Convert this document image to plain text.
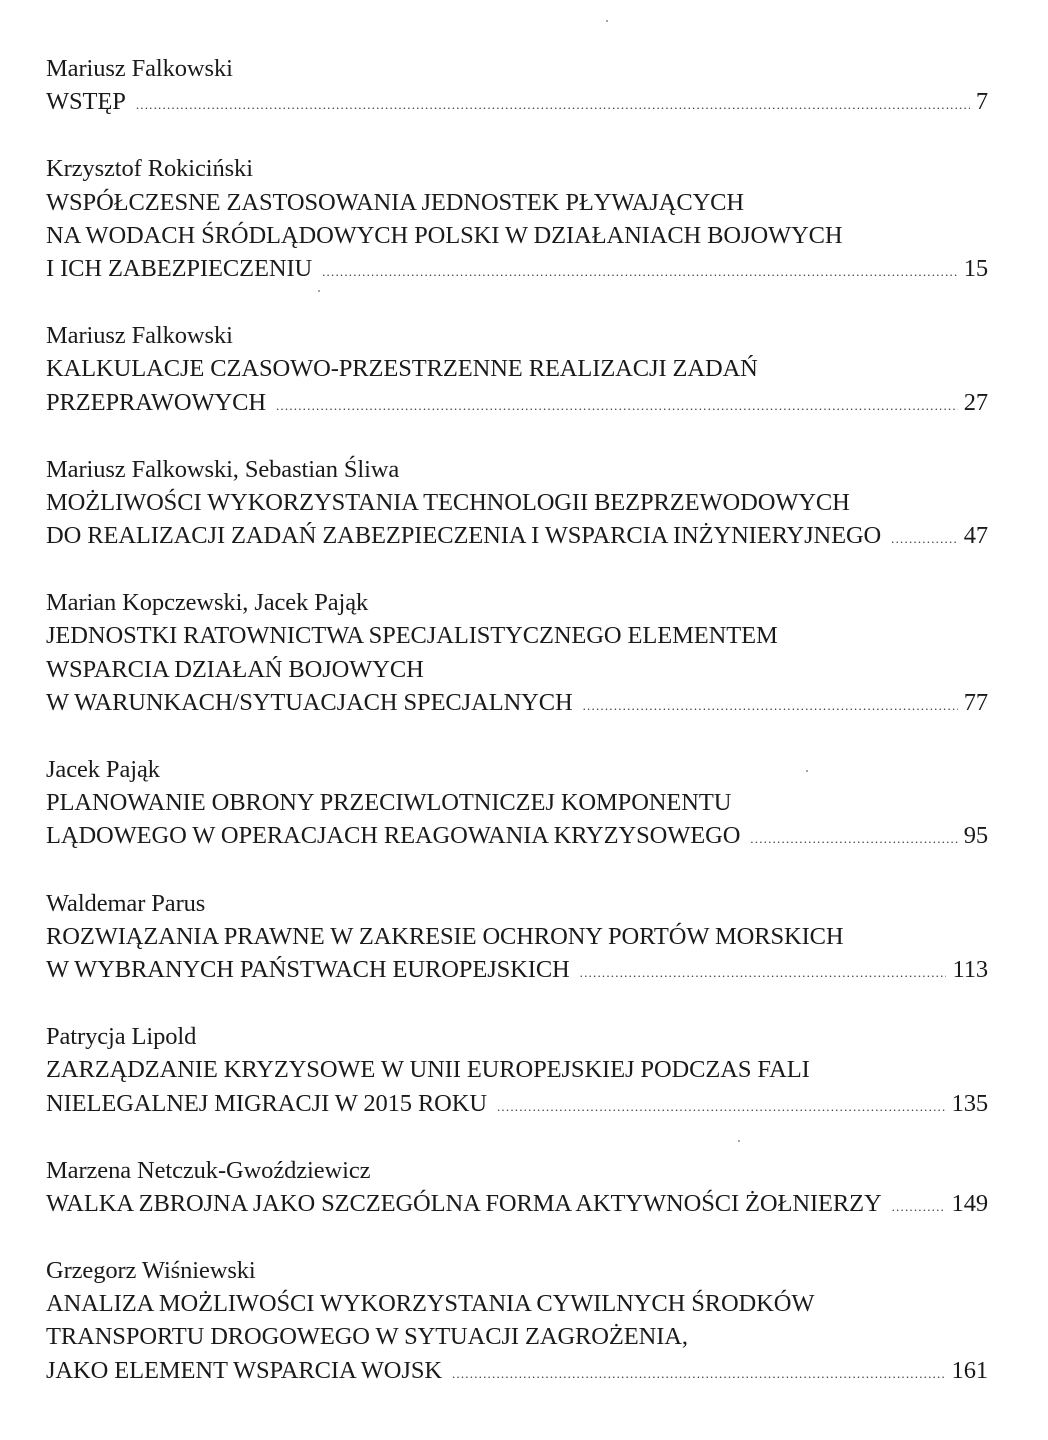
Mariusz Falkowski
WSTĘP .....	7
Krzysztof Rokiciński
WSPÓŁCZESNE ZASTOSOWANIA JEDNOSTEK PŁYWAJĄCYCH
NA WODACH ŚRÓDLĄDOWYCH POLSKI W DZIAŁANIACH BOJOWYCH
I ICH ZABEZPIECZENIU .....	15
Mariusz Falkowski
KALKULACJE CZASOWO-PRZESTRZENNE REALIZACJI ZADAŃ
PRZEPRAWOWYCH .....	27
Mariusz Falkowski, Sebastian Śliwa
MOŻLIWOŚCI WYKORZYSTANIA TECHNOLOGII BEZPRZEWODOWYCH
DO REALIZACJI ZADAŃ ZABEZPIECZENIA I WSPARCIA INŻYNIERYJNEGO .....	47
Marian Kopczewski, Jacek Pająk
JEDNOSTKI RATOWNICTWA SPECJALISTYCZNEGO ELEMENTEM
WSPARCIA DZIAŁAŃ BOJOWYCH
W WARUNKACH/SYTUACJACH SPECJALNYCH .....	77
Jacek Pająk
PLANOWANIE OBRONY PRZECIWLOTNICZEJ KOMPONENTU
LĄDOWEGO W OPERACJACH REAGOWANIA KRYZYSOWEGO .....	95
Waldemar Parus
ROZWIĄZANIA PRAWNE W ZAKRESIE OCHRONY PORTÓW MORSKICH
W WYBRANYCH PAŃSTWACH EUROPEJSKICH .....	113
Patrycja Lipold
ZARZĄDZANIE KRYZYSOWE W UNII EUROPEJSKIEJ PODCZAS FALI
NIELEGALNEJ MIGRACJI W 2015 ROKU .....	135
Marzena Netczuk-Gwoździewicz
WALKA ZBROJNA JAKO SZCZEGÓLNA FORMA AKTYWNOŚCI ŻOŁNIERZY .....	149
Grzegorz Wiśniewski
ANALIZA MOŻLIWOŚCI WYKORZYSTANIA CYWILNYCH ŚRODKÓW
TRANSPORTU DROGOWEGO W SYTUACJI ZAGROŻENIA,
JAKO ELEMENT WSPARCIA WOJSK .....	161
